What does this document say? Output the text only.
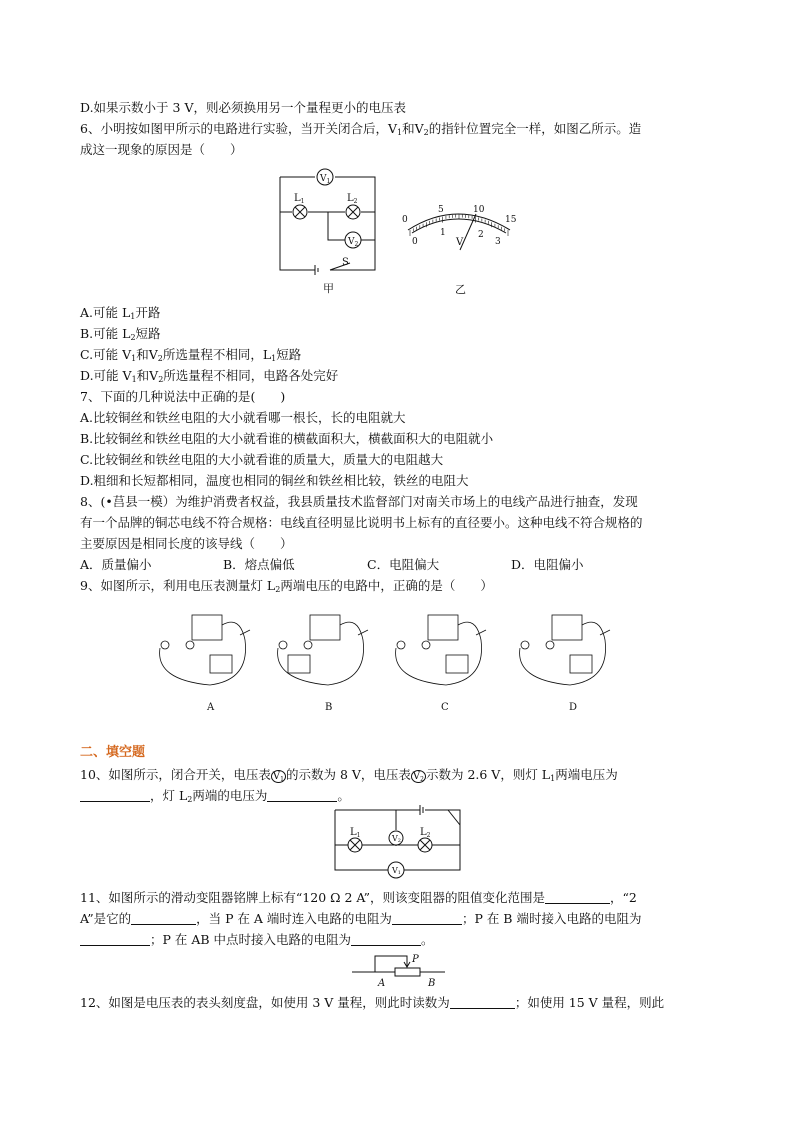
D.如果示数小于 3 V，则必须换用另一个量程更小的电压表
6、小明按如图甲所示的电路进行实验，当开关闭合后，$V_1$和$V_2$的指针位置完全一样，如图乙所示。造
成这一现象的原因是（　　）
$V_1$
$V_2$
$L_1$	$L_2$
S
甲
0
5	10
15
0
1	2
3
V
乙
A.可能 $L_1$开路
B.可能 $L_2$短路
C.可能 $V_1$和$V_2$所选量程不相同，$L_1$短路
D.可能 $V_1$和$V_2$所选量程不相同，电路各处完好
7、下面的几种说法中正确的是(　　)
A.比较铜丝和铁丝电阻的大小就看哪一根长，长的电阻就大
B.比较铜丝和铁丝电阻的大小就看谁的横截面积大，横截面积大的电阻就小
C.比较铜丝和铁丝电阻的大小就看谁的质量大，质量大的电阻越大
D.粗细和长短都相同，温度也相同的铜丝和铁丝相比较，铁丝的电阻大
8、(•莒县一模）为维护消费者权益，我县质量技术监督部门对南关市场上的电线产品进行抽查，发现
有一个品牌的铜芯电线不符合规格：电线直径明显比说明书上标有的直径要小。这种电线不符合规格的
主要原因是相同长度的该导线（　　）
A．质量偏小	B．熔点偏低	C．电阻偏大	D．电阻偏小
9、如图所示，利用电压表测量灯 $L_2$两端电压的电路中，正确的是（　　）
A	B	C	D
二、填空题
10、如图所示，闭合开关，电压表 $V_1$ 的示数为 8 V，电压表 $V_2$ 示数为 2.6 V，则灯 $L_1$两端电压为
，灯 $L_2$两端的电压为	。
$L_1$	$L_2$
V2
V1
11、如图所示的滑动变阻器铭牌上标有“120 Ω 2 A”，则该变阻器的阻值变化范围是	，“2
A”是它的	，当 P 在 A 端时连入电路的电阻为	；P 在 B 端时接入电路的电阻为
；P 在 AB 中点时接入电路的电阻为	。
P
A	B
12、如图是电压表的表头刻度盘，如使用 3 V 量程，则此时读数为	；如使用 15 V 量程，则此
